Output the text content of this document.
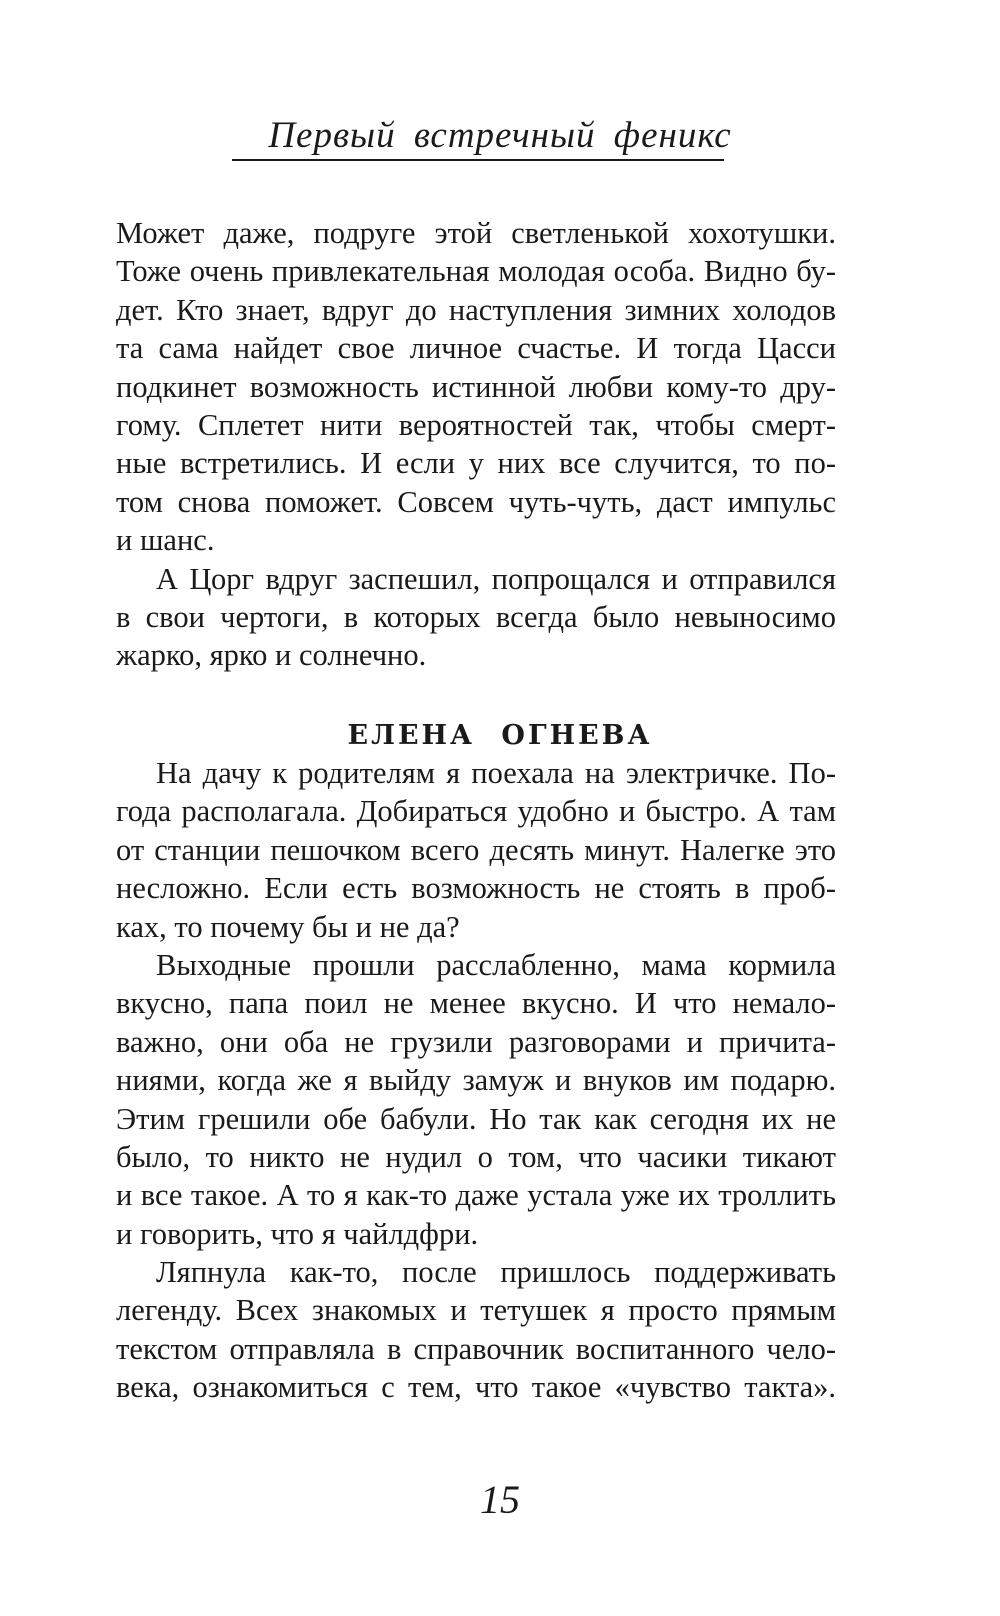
Первый встречный феникс

Может даже, подруге этой светленькой хохотушки.
Тоже очень привлекательная молодая особа. Видно бу-
дет. Кто знает, вдруг до наступления зимних холодов
та сама найдет свое личное счастье. И тогда Цасси
подкинет возможность истинной любви кому-то дру-
гому. Сплетет нити вероятностей так, чтобы смерт-
ные встретились. И если у них все случится, то по-
том снова поможет. Совсем чуть-чуть, даст импульс
и шанс.

А Цорг вдруг заспешил, попрощался и отправился
в свои чертоги, в которых всегда было невыносимо
жарко, ярко и солнечно.

ЕЛЕНА ОГНЕВА

На дачу к родителям я поехала на электричке. По-
года располагала. Добираться удобно и быстро. А там
от станции пешочком всего десять минут. Налегке это
несложно. Если есть возможность не стоять в проб-
ках, то почему бы и не да?

Выходные прошли расслабленно, мама кормила
вкусно, папа поил не менее вкусно. И что немало-
важно, они оба не грузили разговорами и причита-
ниями, когда же я выйду замуж и внуков им подарю.
Этим грешили обе бабули. Но так как сегодня их не
было, то никто не нудил о том, что часики тикают
и все такое. А то я как-то даже устала уже их троллить
и говорить, что я чайлдфри.

Ляпнула как-то, после пришлось поддерживать
легенду. Всех знакомых и тетушек я просто прямым
текстом отправляла в справочник воспитанного чело-
века, ознакомиться с тем, что такое «чувство такта».

15
